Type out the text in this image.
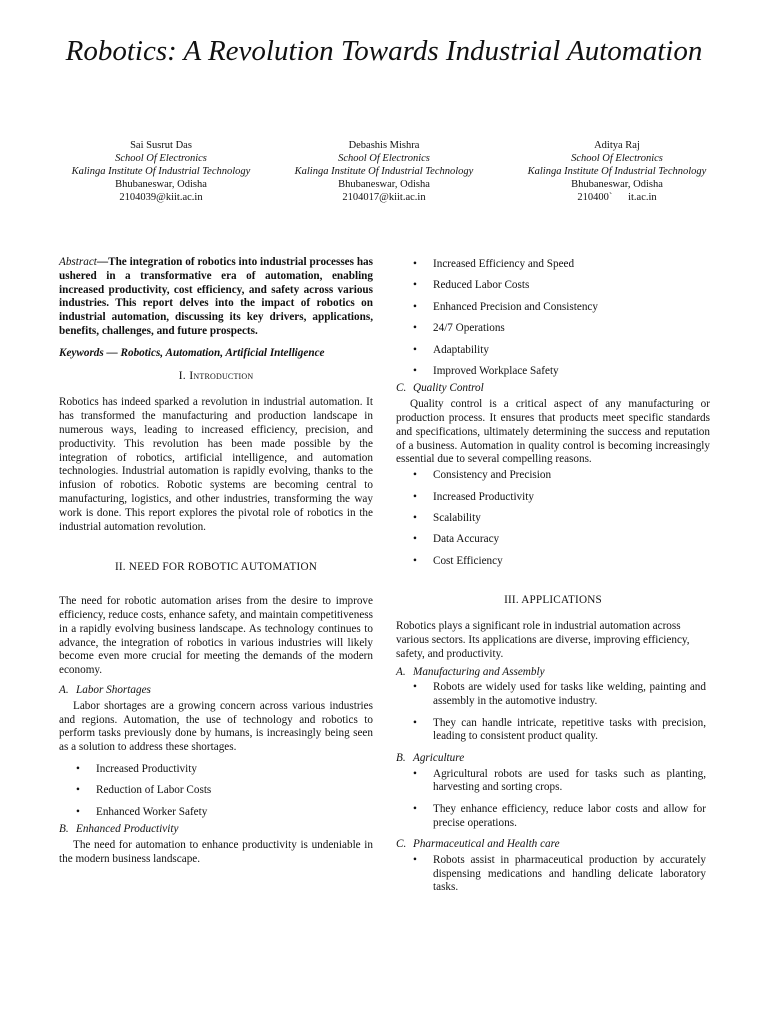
Robotics: A Revolution Towards Industrial Automation
Sai Susrut Das
School Of Electronics
Kalinga Institute Of Industrial Technology
Bhubaneswar, Odisha
2104039@kiit.ac.in
Debashis Mishra
School Of Electronics
Kalinga Institute Of Industrial Technology
Bhubaneswar, Odisha
2104017@kiit.ac.in
Aditya Raj
School Of Electronics
Kalinga Institute Of Industrial Technology
Bhubaneswar, Odisha
210400`      it.ac.in

Abstract—The integration of robotics into industrial processes has ushered in a transformative era of automation, enabling increased productivity, cost efficiency, and safety across various industries. This report delves into the impact of robotics on industrial automation, discussing its key drivers, applications, benefits, challenges, and future prospects.

Keywords — Robotics, Automation, Artificial Intelligence

I. Introduction

Robotics has indeed sparked a revolution in industrial automation. It has transformed the manufacturing and production landscape in numerous ways, leading to increased efficiency, precision, and productivity. This revolution has been made possible by the integration of robotics, artificial intelligence, and automation technologies. Industrial automation is rapidly evolving, thanks to the infusion of robotics. Robotic systems are becoming central to manufacturing, logistics, and other industries, transforming the way work is done. This report explores the pivotal role of robotics in the industrial automation revolution.

II. NEED FOR ROBOTIC AUTOMATION

The need for robotic automation arises from the desire to improve efficiency, reduce costs, enhance safety, and maintain competitiveness in a rapidly evolving business landscape. As technology continues to advance, the integration of robotics in various industries will likely become even more crucial for meeting the demands of the modern economy.

A. Labor Shortages

Labor shortages are a growing concern across various industries and regions. Automation, the use of technology and robotics to perform tasks previously done by humans, is increasingly being seen as a solution to address these shortages.

• Increased Productivity
• Reduction of Labor Costs
• Enhanced Worker Safety
B. Enhanced Productivity

The need for automation to enhance productivity is undeniable in the modern business landscape.

• Increased Efficiency and Speed
• Reduced Labor Costs
• Enhanced Precision and Consistency
• 24/7 Operations
• Adaptability
• Improved Workplace Safety
C. Quality Control

Quality control is a critical aspect of any manufacturing or production process. It ensures that products meet specific standards and specifications, ultimately determining the success and reputation of a business. Automation in quality control is becoming increasingly essential due to several compelling reasons.

• Consistency and Precision
• Increased Productivity
• Scalability
• Data Accuracy
• Cost Efficiency
III. APPLICATIONS

Robotics plays a significant role in industrial automation across various sectors. Its applications are diverse, improving efficiency, safety, and productivity.

A. Manufacturing and Assembly
• Robots are widely used for tasks like welding, painting and assembly in the automotive industry.
• They can handle intricate, repetitive tasks with precision, leading to consistent product quality.
B. Agriculture
• Agricultural robots are used for tasks such as planting, harvesting and sorting crops.
• They enhance efficiency, reduce labor costs and allow for precise operations.
C. Pharmaceutical and Health care
• Robots assist in pharmaceutical production by accurately dispensing medications and handling delicate laboratory tasks.
